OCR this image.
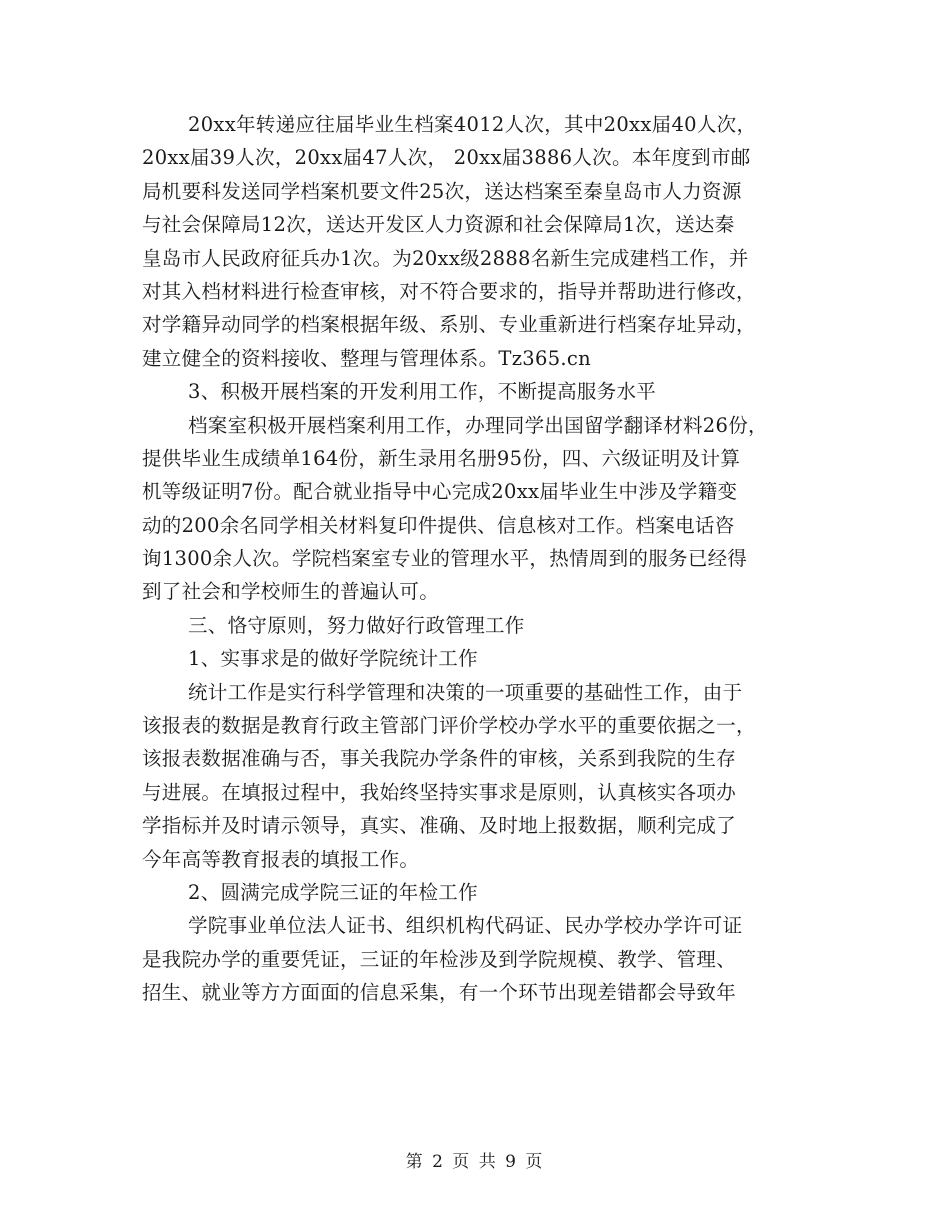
20xx年转递应往届毕业生档案4012人次，其中20xx届40人次，
20xx届39人次，20xx届47人次， 20xx届3886人次。本年度到市邮
局机要科发送同学档案机要文件25次，送达档案至秦皇岛市人力资源
与社会保障局12次，送达开发区人力资源和社会保障局1次，送达秦
皇岛市人民政府征兵办1次。为20xx级2888名新生完成建档工作，并
对其入档材料进行检查审核，对不符合要求的，指导并帮助进行修改，
对学籍异动同学的档案根据年级、系别、专业重新进行档案存址异动，
建立健全的资料接收、整理与管理体系。Tz365.cn
3、积极开展档案的开发利用工作，不断提高服务水平
档案室积极开展档案利用工作，办理同学出国留学翻译材料26份，
提供毕业生成绩单164份，新生录用名册95份，四、六级证明及计算
机等级证明7份。配合就业指导中心完成20xx届毕业生中涉及学籍变
动的200余名同学相关材料复印件提供、信息核对工作。档案电话咨
询1300余人次。学院档案室专业的管理水平，热情周到的服务已经得
到了社会和学校师生的普遍认可。
三、恪守原则，努力做好行政管理工作
1、实事求是的做好学院统计工作
统计工作是实行科学管理和决策的一项重要的基础性工作，由于
该报表的数据是教育行政主管部门评价学校办学水平的重要依据之一，
该报表数据准确与否，事关我院办学条件的审核，关系到我院的生存
与进展。在填报过程中，我始终坚持实事求是原则，认真核实各项办
学指标并及时请示领导，真实、准确、及时地上报数据，顺利完成了
今年高等教育报表的填报工作。
2、圆满完成学院三证的年检工作
学院事业单位法人证书、组织机构代码证、民办学校办学许可证
是我院办学的重要凭证，三证的年检涉及到学院规模、教学、管理、
招生、就业等方方面面的信息采集，有一个环节出现差错都会导致年
第 2 页 共 9 页
